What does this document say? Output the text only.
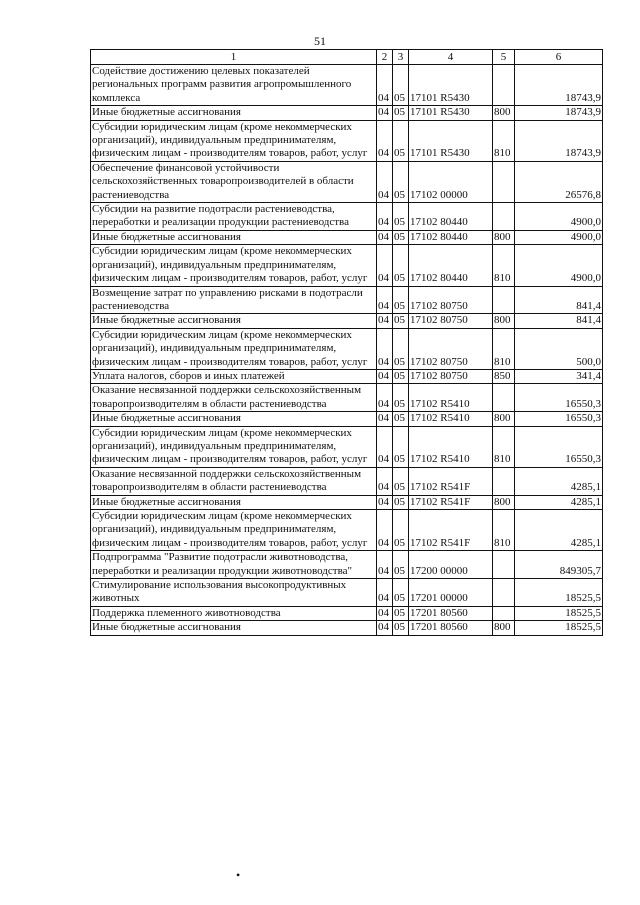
51
1	2	3	4	5	6
Содействие достижению целевых показателей региональных программ развития агропромышленного комплекса	04	05	17101 R5430		18743,9
Иные бюджетные ассигнования	04	05	17101 R5430	800	18743,9
Субсидии юридическим лицам (кроме некоммерческих организаций), индивидуальным предпринимателям, физическим лицам - производителям товаров, работ, услуг	04	05	17101 R5430	810	18743,9
Обеспечение финансовой устойчивости сельскохозяйственных товаропроизводителей в области растениеводства	04	05	17102 00000		26576,8
Субсидии на развитие подотрасли растениеводства, переработки и реализации продукции растениеводства	04	05	17102 80440		4900,0
Иные бюджетные ассигнования	04	05	17102 80440	800	4900,0
Субсидии юридическим лицам (кроме некоммерческих организаций), индивидуальным предпринимателям, физическим лицам - производителям товаров, работ, услуг	04	05	17102 80440	810	4900,0
Возмещение затрат по управлению рисками в подотрасли растениеводства	04	05	17102 80750		841,4
Иные бюджетные ассигнования	04	05	17102 80750	800	841,4
Субсидии юридическим лицам (кроме некоммерческих организаций), индивидуальным предпринимателям, физическим лицам - производителям товаров, работ, услуг	04	05	17102 80750	810	500,0
Уплата налогов, сборов и иных платежей	04	05	17102 80750	850	341,4
Оказание несвязанной поддержки сельскохозяйственным товаропроизводителям в области растениеводства	04	05	17102 R5410		16550,3
Иные бюджетные ассигнования	04	05	17102 R5410	800	16550,3
Субсидии юридическим лицам (кроме некоммерческих организаций), индивидуальным предпринимателям, физическим лицам - производителям товаров, работ, услуг	04	05	17102 R5410	810	16550,3
Оказание несвязанной поддержки сельскохозяйственным товаропроизводителям в области растениеводства	04	05	17102 R541F		4285,1
Иные бюджетные ассигнования	04	05	17102 R541F	800	4285,1
Субсидии юридическим лицам (кроме некоммерческих организаций), индивидуальным предпринимателям, физическим лицам - производителям товаров, работ, услуг	04	05	17102 R541F	810	4285,1
Подпрограмма "Развитие подотрасли животноводства, переработки и реализации продукции животноводства"	04	05	17200 00000		849305,7
Стимулирование использования высокопродуктивных животных	04	05	17201 00000		18525,5
Поддержка племенного животноводства	04	05	17201 80560		18525,5
Иные бюджетные ассигнования	04	05	17201 80560	800	18525,5
•
